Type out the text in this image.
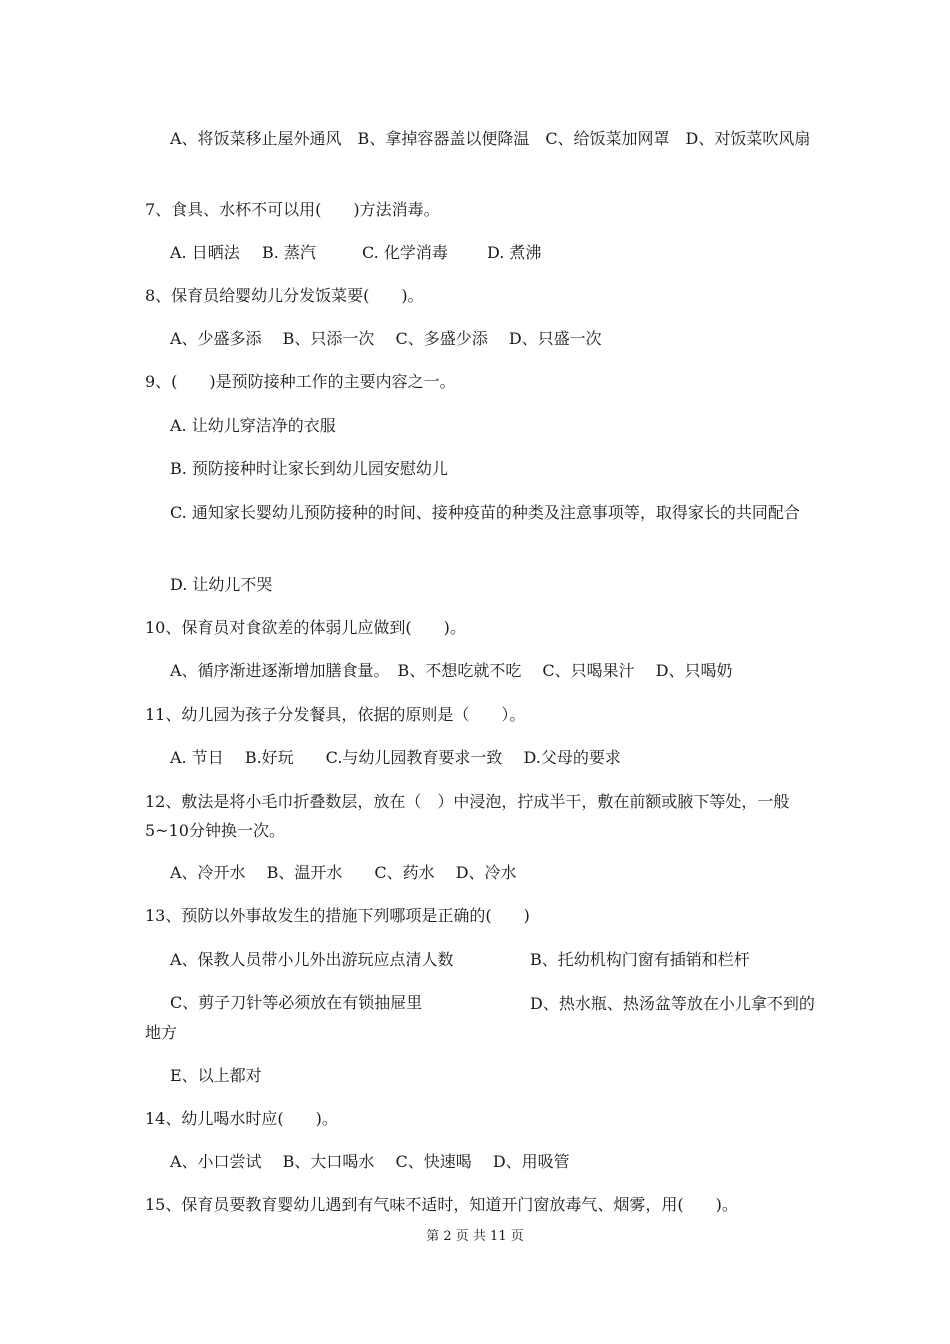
A、将饭菜移止屋外通风　B、拿掉容器盖以便降温　C、给饭菜加网罩　D、对饭菜吹风扇
7、食具、水杯不可以用(　　)方法消毒。
A. 日晒法 B. 蒸汽	C. 化学消毒 D. 煮沸
8、保育员给婴幼儿分发饭菜要(　　)。
A、少盛多添　 B、只添一次　 C、多盛少添　 D、只盛一次
9、(　　)是预防接种工作的主要内容之一。
A. 让幼儿穿洁净的衣服
B. 预防接种时让家长到幼儿园安慰幼儿
C. 通知家长婴幼儿预防接种的时间、接种疫苗的种类及注意事项等，取得家长的共同配合
D. 让幼儿不哭
10、保育员对食欲差的体弱儿应做到(　　)。
A、循序渐进逐渐增加膳食量。　B、不想吃就不吃　 C、只喝果汁　 D、只喝奶
11、幼儿园为孩子分发餐具，依据的原则是（　　）。
A. 节日　 B.好玩　　C.与幼儿园教育要求一致　 D.父母的要求
12、敷法是将小毛巾折叠数层，放在（　）中浸泡，拧成半干，敷在前额或腋下等处，一般5~10分钟换一次。
A、冷开水　 B、温开水　　C、药水　 D、冷水
13、预防以外事故发生的措施下列哪项是正确的(　　)
A、保教人员带小儿外出游玩应点清人数	B、托幼机构门窗有插销和栏杆
C、剪子刀针等必须放在有锁抽屉里	D、热水瓶、热汤盆等放在小儿拿不到的地方
E、以上都对
14、幼儿喝水时应(　　)。
A、小口尝试　 B、大口喝水　 C、快速喝　 D、用吸管
15、保育员要教育婴幼儿遇到有气味不适时，知道开门窗放毒气、烟雾，用(　　)。
第 2 页 共 11 页
